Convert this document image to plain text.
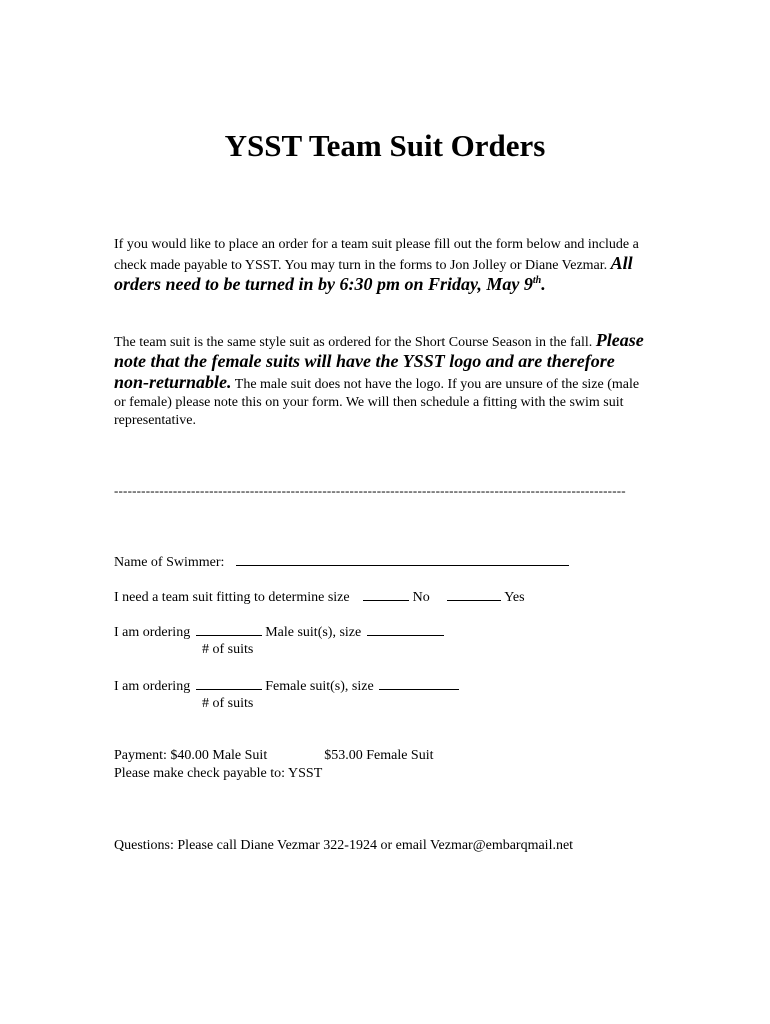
YSST Team Suit Orders

If you would like to place an order for a team suit please fill out the form below and include a check made payable to YSST. You may turn in the forms to Jon Jolley or Diane Vezmar. All orders need to be turned in by 6:30 pm on Friday, May 9th.

The team suit is the same style suit as ordered for the Short Course Season in the fall. Please note that the female suits will have the YSST logo and are therefore non-returnable. The male suit does not have the logo. If you are unsure of the size (male or female) please note this on your form. We will then schedule a fitting with the swim suit representative.

-----------------------------------------------------------------------------------------------------------------
Name of Swimmer:
I need a team suit fitting to determine size	No	Yes
I am ordering	Male suit(s), size
# of suits
I am ordering	Female suit(s), size
# of suits
Payment: $40.00 Male Suit	$53.00 Female Suit
Please make check payable to: YSST
Questions: Please call Diane Vezmar 322-1924 or email Vezmar@embarqmail.net
